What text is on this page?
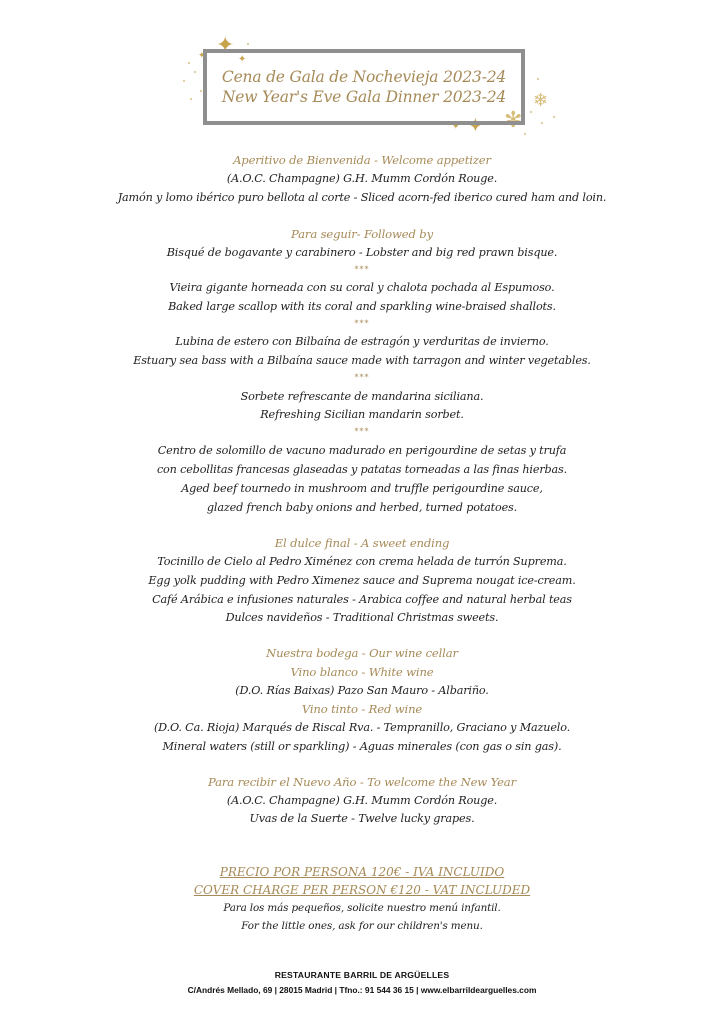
✦
✦
✦
✦
✦
❄
✻
Cena de Gala de Nochevieja 2023-24
New Year's Eve Gala Dinner 2023-24
Aperitivo de Bienvenida - Welcome appetizer
(A.O.C. Champagne) G.H. Mumm Cordón Rouge.
Jamón y lomo ibérico puro bellota al corte - Sliced acorn-fed iberico cured ham and loin.
Para seguir- Followed by
Bisqué de bogavante y carabinero - Lobster and big red prawn bisque.
***
Vieira gigante horneada con su coral y chalota pochada al Espumoso.
Baked large scallop with its coral and sparkling wine-braised shallots.
***
Lubina de estero con Bilbaína de estragón y verduritas de invierno.
Estuary sea bass with a Bilbaína sauce made with tarragon and winter vegetables.
***
Sorbete refrescante de mandarina siciliana.
Refreshing Sicilian mandarin sorbet.
***
Centro de solomillo de vacuno madurado en perigourdine de setas y trufa
con cebollitas francesas glaseadas y patatas torneadas a las finas hierbas.
Aged beef tournedo in mushroom and truffle perigourdine sauce,
glazed french baby onions and herbed, turned potatoes.
El dulce final - A sweet ending
Tocinillo de Cielo al Pedro Ximénez con crema helada de turrón Suprema.
Egg yolk pudding with Pedro Ximenez sauce and Suprema nougat ice-cream.
Café Arábica e infusiones naturales - Arabica coffee and natural herbal teas
Dulces navideños - Traditional Christmas sweets.
Nuestra bodega - Our wine cellar
Vino blanco - White wine
(D.O. Rías Baixas) Pazo San Mauro - Albariño.
Vino tinto - Red wine
(D.O. Ca. Rioja) Marqués de Riscal Rva. - Tempranillo, Graciano y Mazuelo.
Mineral waters (still or sparkling) - Aguas minerales (con gas o sin gas).
Para recibir el Nuevo Año - To welcome the New Year
(A.O.C. Champagne) G.H. Mumm Cordón Rouge.
Uvas de la Suerte - Twelve lucky grapes.
PRECIO POR PERSONA 120€ - IVA INCLUIDO
COVER CHARGE PER PERSON €120 - VAT INCLUDED
Para los más pequeños, solicite nuestro menú infantil.
For the little ones, ask for our children's menu.
RESTAURANTE BARRIL DE ARGÜELLES
C/Andrés Mellado, 69 | 28015 Madrid | Tfno.: 91 544 36 15 | www.elbarrildearguelles.com
